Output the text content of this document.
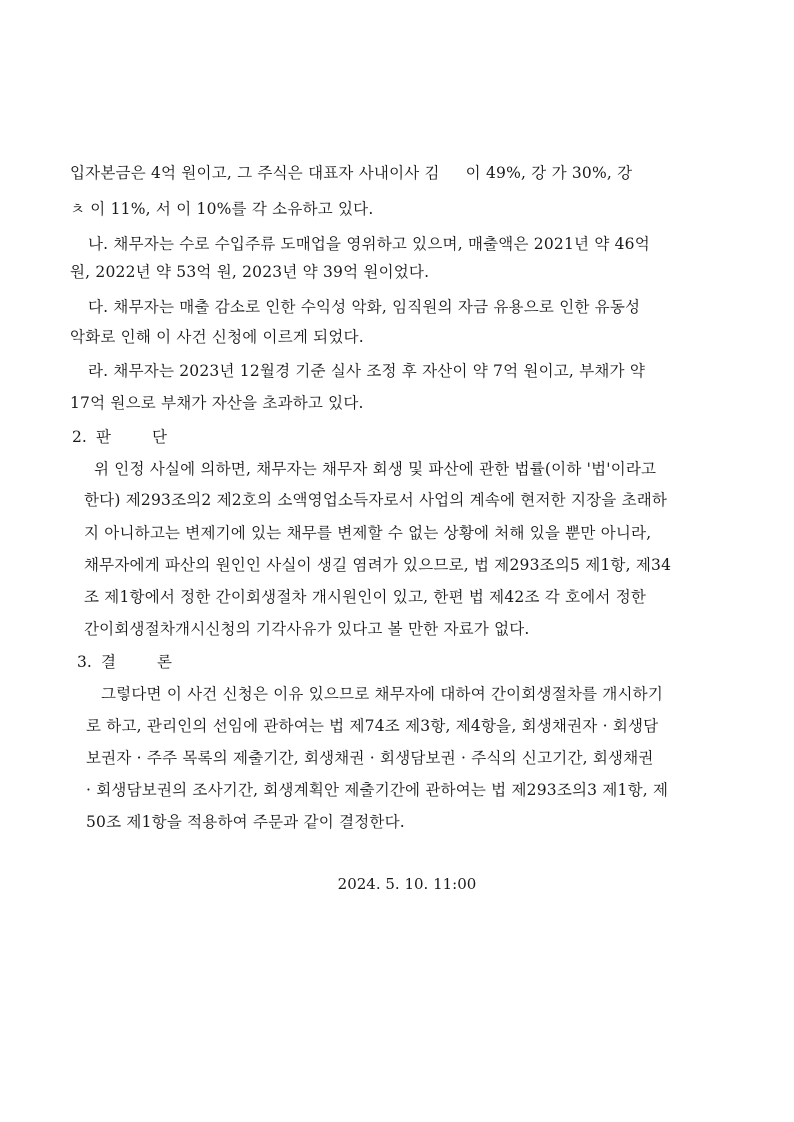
입자본금은 4억 원이고, 그 주식은 대표자 사내이사 김 　 이 49%, 강 가 30%, 강
ㅊ 이 11%, 서 이 10%를 각 소유하고 있다.
나. 채무자는 수로 수입주류 도매업을 영위하고 있으며, 매출액은 2021년 약 46억
원, 2022년 약 53억 원, 2023년 약 39억 원이었다.
다. 채무자는 매출 감소로 인한 수익성 악화, 임직원의 자금 유용으로 인한 유동성
악화로 인해 이 사건 신청에 이르게 되었다.
라. 채무자는 2023년 12월경 기준 실사 조정 후 자산이 약 7억 원이고, 부채가 약
17억 원으로 부채가 자산을 초과하고 있다.
2. 판	단
위 인정 사실에 의하면, 채무자는 채무자 회생 및 파산에 관한 법률(이하 '법'이라고
한다) 제293조의2 제2호의 소액영업소득자로서 사업의 계속에 현저한 지장을 초래하
지 아니하고는 변제기에 있는 채무를 변제할 수 없는 상황에 처해 있을 뿐만 아니라,
채무자에게 파산의 원인인 사실이 생길 염려가 있으므로, 법 제293조의5 제1항, 제34
조 제1항에서 정한 간이회생절차 개시원인이 있고, 한편 법 제42조 각 호에서 정한
간이회생절차개시신청의 기각사유가 있다고 볼 만한 자료가 없다.
3. 결	론
그렇다면 이 사건 신청은 이유 있으므로 채무자에 대하여 간이회생절차를 개시하기
로 하고, 관리인의 선임에 관하여는 법 제74조 제3항, 제4항을, 회생채권자 · 회생담
보권자 · 주주 목록의 제출기간, 회생채권 · 회생담보권 · 주식의 신고기간, 회생채권
· 회생담보권의 조사기간, 회생계획안 제출기간에 관하여는 법 제293조의3 제1항, 제
50조 제1항을 적용하여 주문과 같이 결정한다.
2024. 5. 10. 11:00
